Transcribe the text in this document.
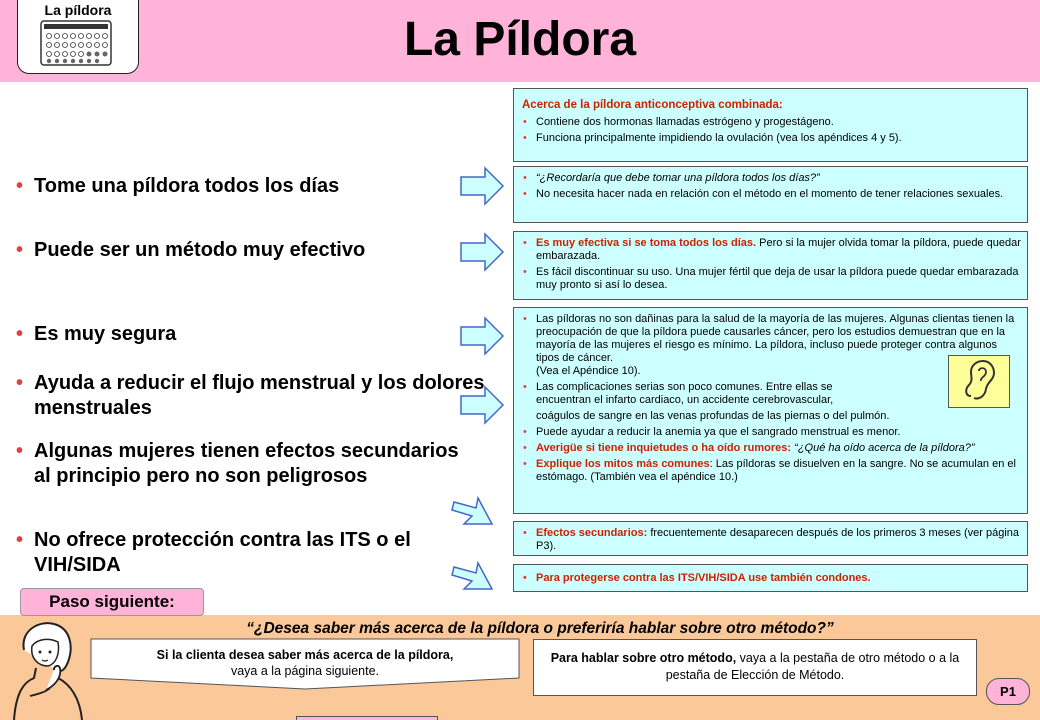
La píldora
La Píldora
• Tome una píldora todos los días
• Puede ser un método muy efectivo
• Es muy segura
• Ayuda a reducir el flujo menstrual y los dolores menstruales
• Algunas mujeres tienen efectos secundarios al principio pero no son peligrosos
• No ofrece protección contra las ITS o el VIH/SIDA
Acerca de la píldora anticonceptiva combinada:
• Contiene dos hormonas llamadas estrógeno y progestágeno.
• Funciona principalmente impidiendo la ovulación (vea los apéndices 4 y 5).
• “¿Recordaría que debe tomar una píldora todos los días?”
• No necesita hacer nada en relación con el método en el momento de tener relaciones sexuales.
• Es muy efectiva si se toma todos los días. Pero si la mujer olvida tomar la píldora, puede quedar embarazada.
• Es fácil discontinuar su uso. Una mujer fértil que deja de usar la píldora puede quedar embarazada muy pronto si así lo desea.
• Las píldoras no son dañinas para la salud de la mayoría de las mujeres. Algunas clientas tienen la preocupación de que la píldora puede causarles cáncer, pero los estudios demuestran que en la mayoría de las mujeres el riesgo es mínimo. La píldora, incluso puede proteger contra algunos tipos de cáncer.
(Vea el Apéndice 10).
• Las complicaciones serias son poco comunes. Entre ellas se
encuentran el infarto cardiaco, un accidente cerebrovascular,
coágulos de sangre en las venas profundas de las piernas o del pulmón.
• Puede ayudar a reducir la anemia ya que el sangrado menstrual es menor.
• Averigüe si tiene inquietudes o ha oído rumores: “¿Qué ha oído acerca de la píldora?”
• Explique los mitos más comunes: Las píldoras se disuelven en la sangre. No se acumulan en el estómago. (También vea el apéndice 10.)
• Efectos secundarios: frecuentemente desaparecen después de los primeros 3 meses (ver página P3).
• Para protegerse contra las ITS/VIH/SIDA use también condones.
Paso siguiente:
“¿Desea saber más acerca de la píldora o preferiría hablar sobre otro método?”
Si la clienta desea saber más acerca de la píldora,
vaya a la página siguiente.
Para hablar sobre otro método, vaya a la pestaña de otro método o a la pestaña de Elección de Método.
P1
